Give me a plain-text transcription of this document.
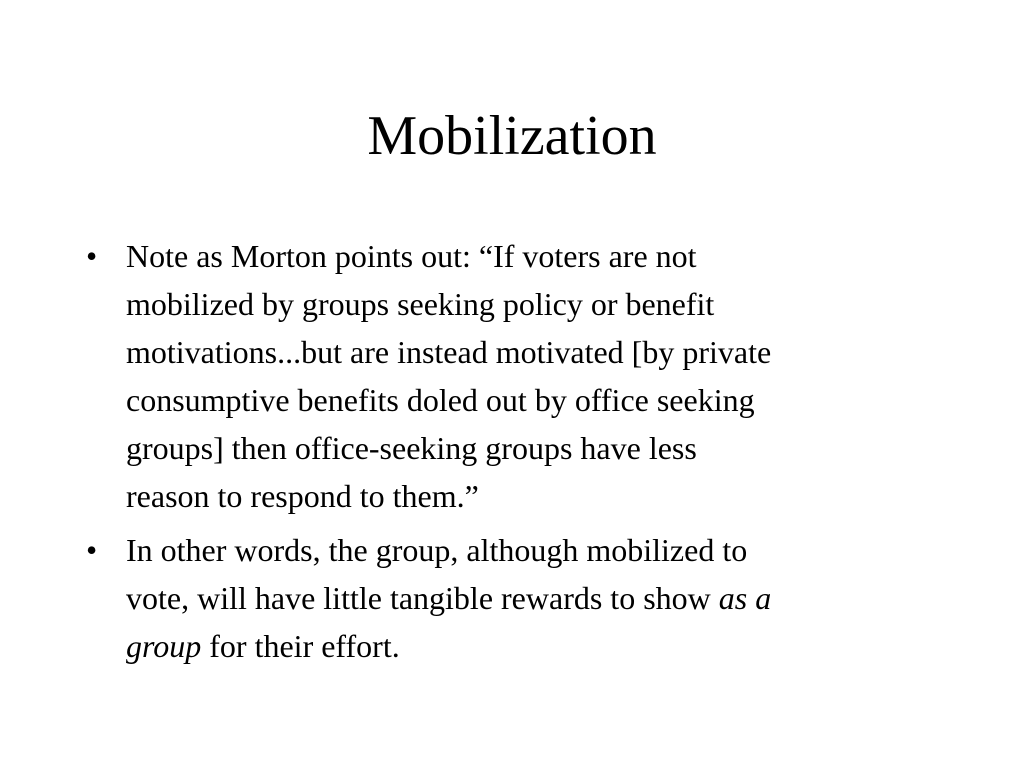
Mobilization
• Note as Morton points out: “If voters are not
mobilized by groups seeking policy or benefit
motivations...but are instead motivated [by private
consumptive benefits doled out by office seeking
groups] then office-seeking groups have less
reason to respond to them.”
• In other words, the group, although mobilized to
vote, will have little tangible rewards to show as a
group for their effort.
